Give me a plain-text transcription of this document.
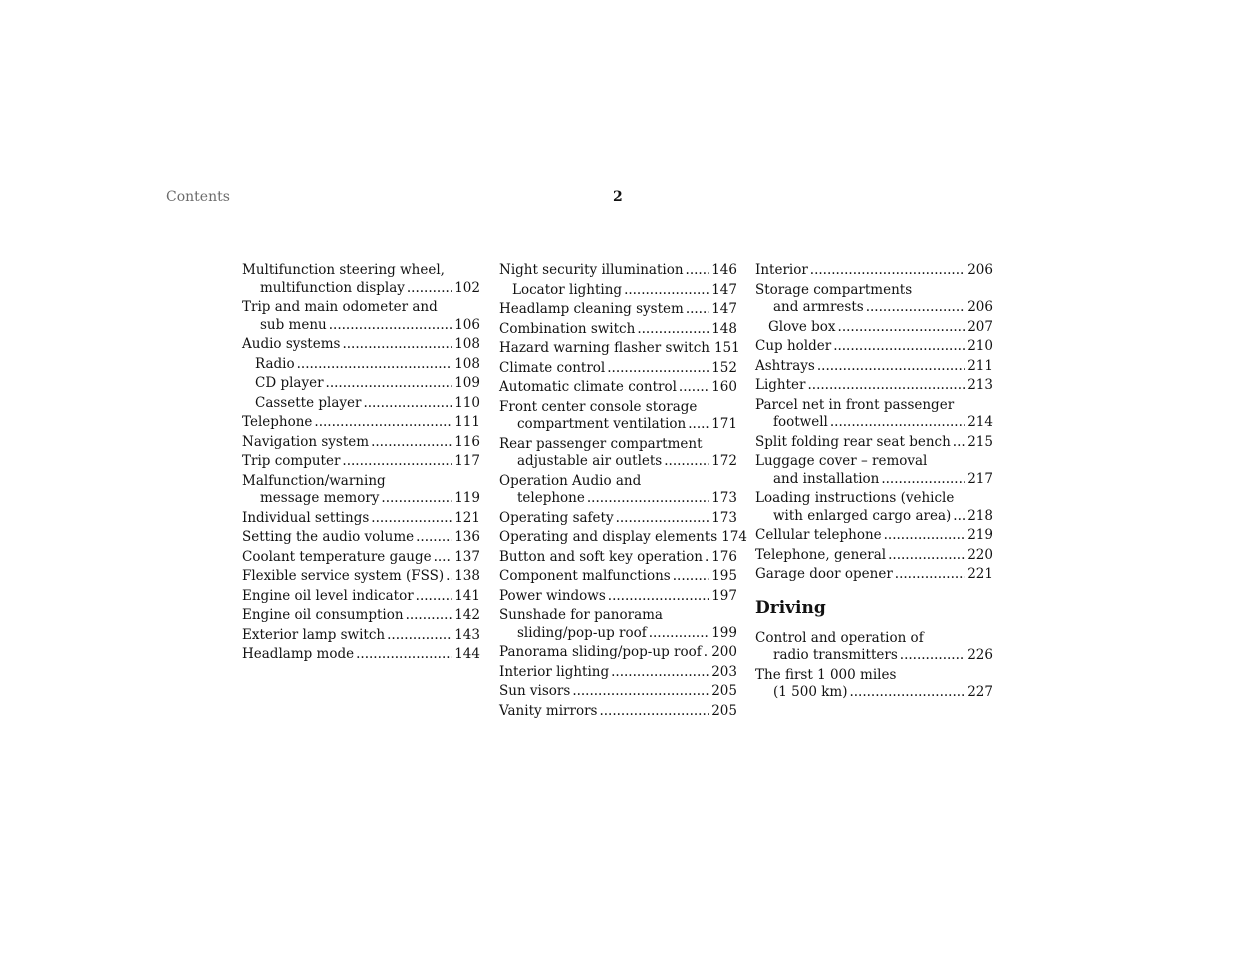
Contents	2
Multifunction steering wheel,
multifunction display .....	102
Trip and main odometer and
sub menu .....	106
Audio systems .....	108
Radio .....	108
CD player .....	109
Cassette player .....	110
Telephone .....	111
Navigation system .....	116
Trip computer .....	117
Malfunction/warning
message memory .....	119
Individual settings .....	121
Setting the audio volume .....	136
Coolant temperature gauge ..... 137
Flexible service system (FSS) ..... 138
Engine oil level indicator .....	141
Engine oil consumption .....	142
Exterior lamp switch .....	143
Headlamp mode .....	144
Night security illumination ..... 146
Locator lighting .....	147
Headlamp cleaning system ..... 147
Combination switch .....	148
Hazard warning flasher switch 151
Climate control .....	152
Automatic climate control .....	160
Front center console storage
compartment ventilation ..... 171
Rear passenger compartment
adjustable air outlets .....	172
Operation Audio and
telephone .....	173
Operating safety .....	173
Operating and display elements 174
Button and soft key operation ..... 176
Component malfunctions .....	195
Power windows .....	197
Sunshade for panorama
sliding/pop-up roof .....	199
Panorama sliding/pop-up roof ..... 200
Interior lighting .....	203
Sun visors .....	205
Vanity mirrors .....	205
Interior .....	206
Storage compartments
and armrests .....	206
Glove box .....	207
Cup holder .....	210
Ashtrays .....	211
Lighter .....	213
Parcel net in front passenger
footwell .....	214
Split folding rear seat bench ..... 215
Luggage cover – removal
and installation .....	217
Loading instructions (vehicle
with enlarged cargo area) ..... 218
Cellular telephone .....	219
Telephone, general .....	220
Garage door opener .....	221
Driving
Control and operation of
radio transmitters .....	226
The first 1 000 miles
(1 500 km) .....	227
